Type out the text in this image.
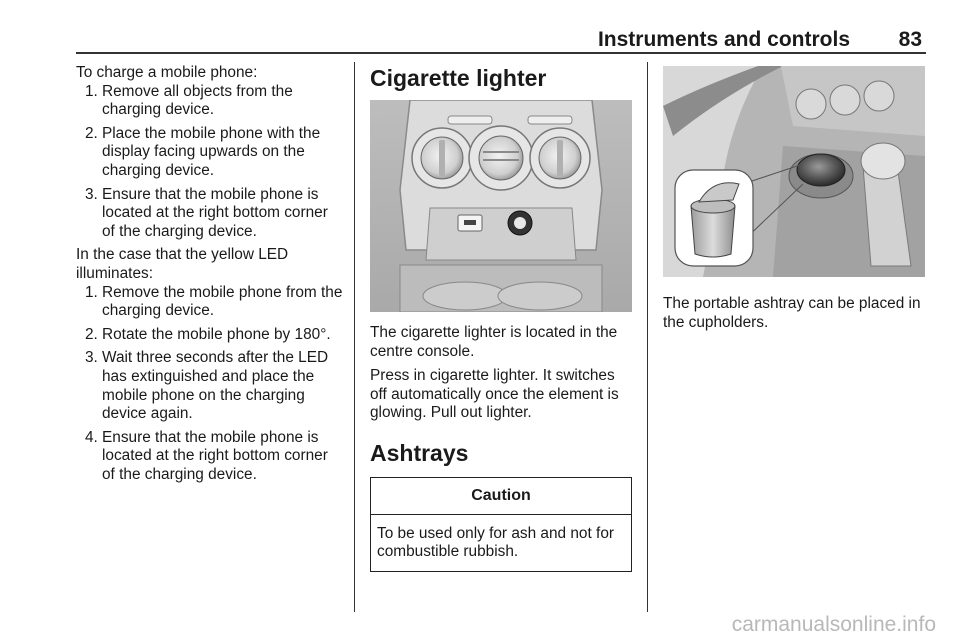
Instruments and controls	83

To charge a mobile phone:

1. Remove all objects from the charging device.
2. Place the mobile phone with the display facing upwards on the charging device.
3. Ensure that the mobile phone is located at the right bottom corner of the charging device.

In the case that the yellow LED illuminates:

1. Remove the mobile phone from the charging device.
2. Rotate the mobile phone by 180°.
3. Wait three seconds after the LED has extinguished and place the mobile phone on the charging device again.
4. Ensure that the mobile phone is located at the right bottom corner of the charging device.
Cigarette lighter

The cigarette lighter is located in the centre console.

Press in cigarette lighter. It switches off automatically once the element is glowing. Pull out lighter.

Ashtrays
Caution
To be used only for ash and not for combustible rubbish.

The portable ashtray can be placed in the cupholders.

carmanualsonline.info
